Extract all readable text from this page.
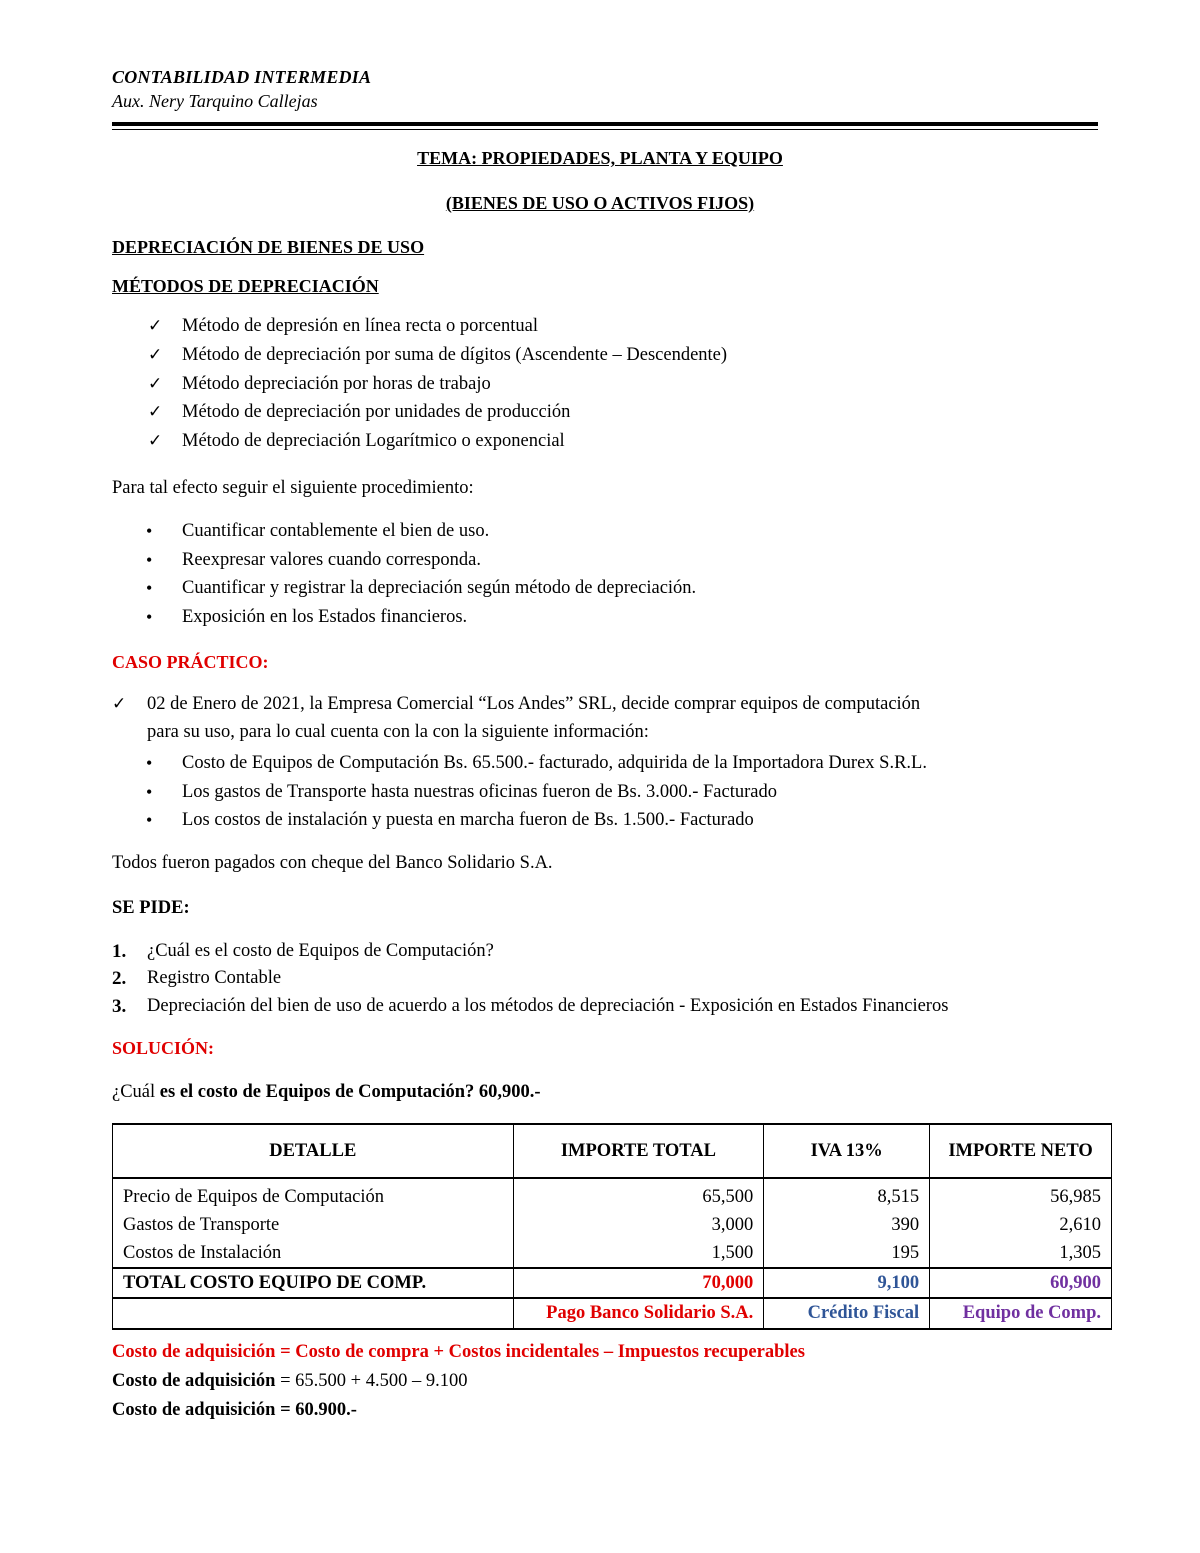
CONTABILIDAD INTERMEDIA
Aux. Nery Tarquino Callejas
TEMA: PROPIEDADES, PLANTA Y EQUIPO
(BIENES DE USO O ACTIVOS FIJOS)
DEPRECIACIÓN DE BIENES DE USO
MÉTODOS DE DEPRECIACIÓN
✓ Método de depresión en línea recta o porcentual
✓ Método de depreciación por suma de dígitos (Ascendente – Descendente)
✓ Método depreciación por horas de trabajo
✓ Método de depreciación por unidades de producción
✓ Método de depreciación Logarítmico o exponencial
Para tal efecto seguir el siguiente procedimiento:
• Cuantificar contablemente el bien de uso.
• Reexpresar valores cuando corresponda.
• Cuantificar y registrar la depreciación según método de depreciación.
• Exposición en los Estados financieros.
CASO PRÁCTICO:
✓ 02 de Enero de 2021, la Empresa Comercial “Los Andes” SRL, decide comprar equipos de computación
para su uso, para lo cual cuenta con la con la siguiente información:
• Costo de Equipos de Computación Bs. 65.500.- facturado, adquirida de la Importadora Durex S.R.L.
• Los gastos de Transporte hasta nuestras oficinas fueron de Bs. 3.000.- Facturado
• Los costos de instalación y puesta en marcha fueron de Bs. 1.500.- Facturado
Todos fueron pagados con cheque del Banco Solidario S.A.
SE PIDE:
1. ¿Cuál es el costo de Equipos de Computación?
2. Registro Contable
3. Depreciación del bien de uso de acuerdo a los métodos de depreciación - Exposición en Estados Financieros
SOLUCIÓN:
¿Cuál es el costo de Equipos de Computación? 60,900.-
DETALLE	IMPORTE TOTAL	IVA 13%	IMPORTE NETO
Precio de Equipos de Computación	65,500	8,515	56,985
Gastos de Transporte	3,000	390	2,610
Costos de Instalación	1,500	195	1,305
TOTAL COSTO EQUIPO DE COMP.	70,000	9,100	60,900
	Pago Banco Solidario S.A.	Crédito Fiscal	Equipo de Comp.
Costo de adquisición = Costo de compra + Costos incidentales – Impuestos recuperables
Costo de adquisición = 65.500 + 4.500 – 9.100
Costo de adquisición = 60.900.-
